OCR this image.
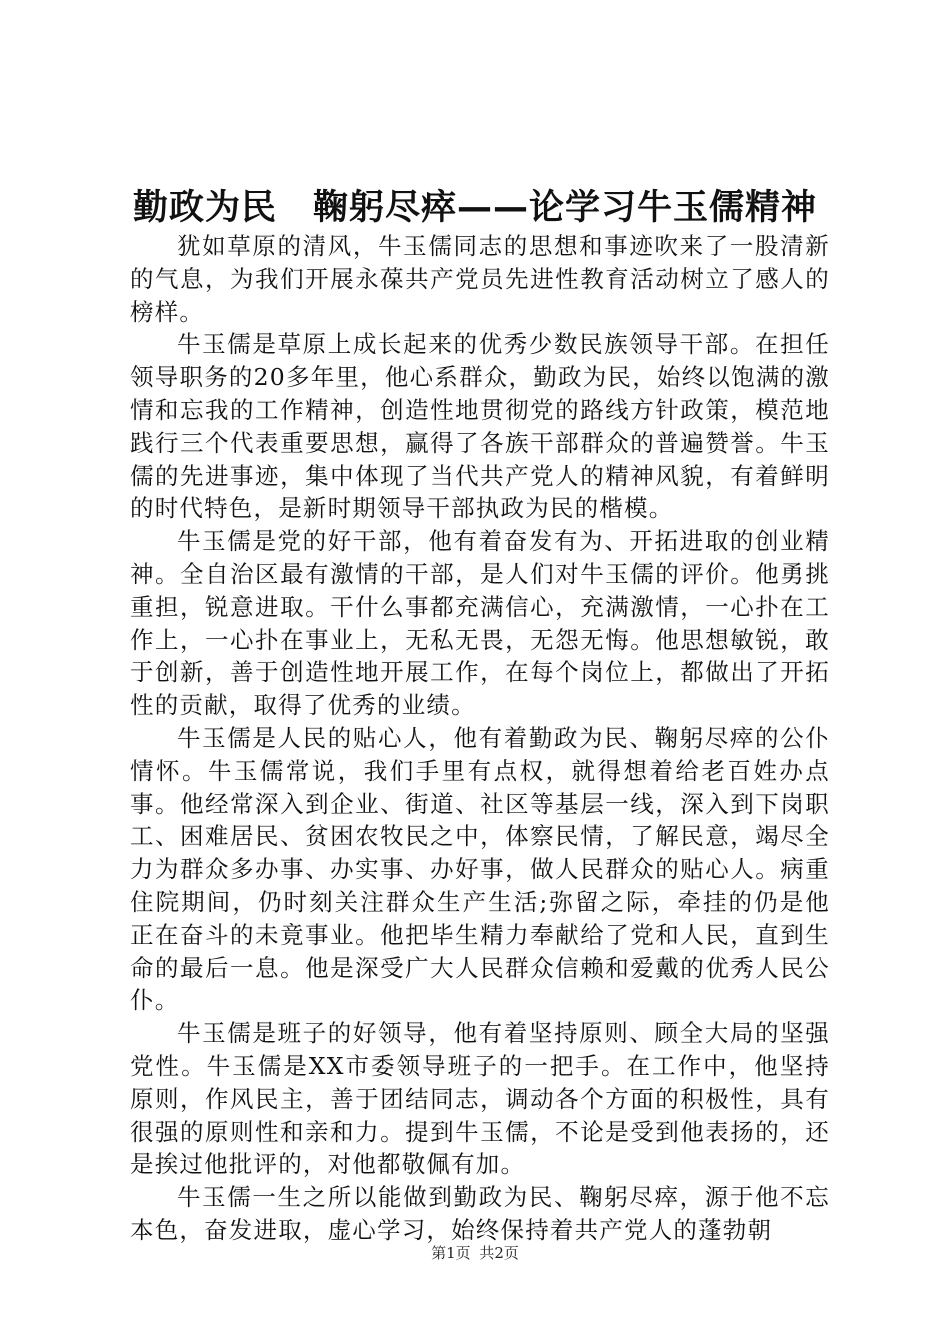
勤政为民　鞠躬尽瘁——论学习牛玉儒精神

犹如草原的清风，牛玉儒同志的思想和事迹吹来了一股清新的气息，为我们开展永葆共产党员先进性教育活动树立了感人的榜样。

牛玉儒是草原上成长起来的优秀少数民族领导干部。在担任领导职务的20多年里，他心系群众，勤政为民，始终以饱满的激情和忘我的工作精神，创造性地贯彻党的路线方针政策，模范地践行三个代表重要思想，赢得了各族干部群众的普遍赞誉。牛玉儒的先进事迹，集中体现了当代共产党人的精神风貌，有着鲜明的时代特色，是新时期领导干部执政为民的楷模。

牛玉儒是党的好干部，他有着奋发有为、开拓进取的创业精神。全自治区最有激情的干部，是人们对牛玉儒的评价。他勇挑重担，锐意进取。干什么事都充满信心，充满激情，一心扑在工作上，一心扑在事业上，无私无畏，无怨无悔。他思想敏锐，敢于创新，善于创造性地开展工作，在每个岗位上，都做出了开拓性的贡献，取得了优秀的业绩。

牛玉儒是人民的贴心人，他有着勤政为民、鞠躬尽瘁的公仆情怀。牛玉儒常说，我们手里有点权，就得想着给老百姓办点事。他经常深入到企业、街道、社区等基层一线，深入到下岗职工、困难居民、贫困农牧民之中，体察民情，了解民意，竭尽全力为群众多办事、办实事、办好事，做人民群众的贴心人。病重住院期间，仍时刻关注群众生产生活;弥留之际，牵挂的仍是他正在奋斗的未竟事业。他把毕生精力奉献给了党和人民，直到生命的最后一息。他是深受广大人民群众信赖和爱戴的优秀人民公仆。

牛玉儒是班子的好领导，他有着坚持原则、顾全大局的坚强党性。牛玉儒是XX市委领导班子的一把手。在工作中，他坚持原则，作风民主，善于团结同志，调动各个方面的积极性，具有很强的原则性和亲和力。提到牛玉儒，不论是受到他表扬的，还是挨过他批评的，对他都敬佩有加。

牛玉儒一生之所以能做到勤政为民、鞠躬尽瘁，源于他不忘本色，奋发进取，虚心学习，始终保持着共产党人的蓬勃朝

第1页 共2页
